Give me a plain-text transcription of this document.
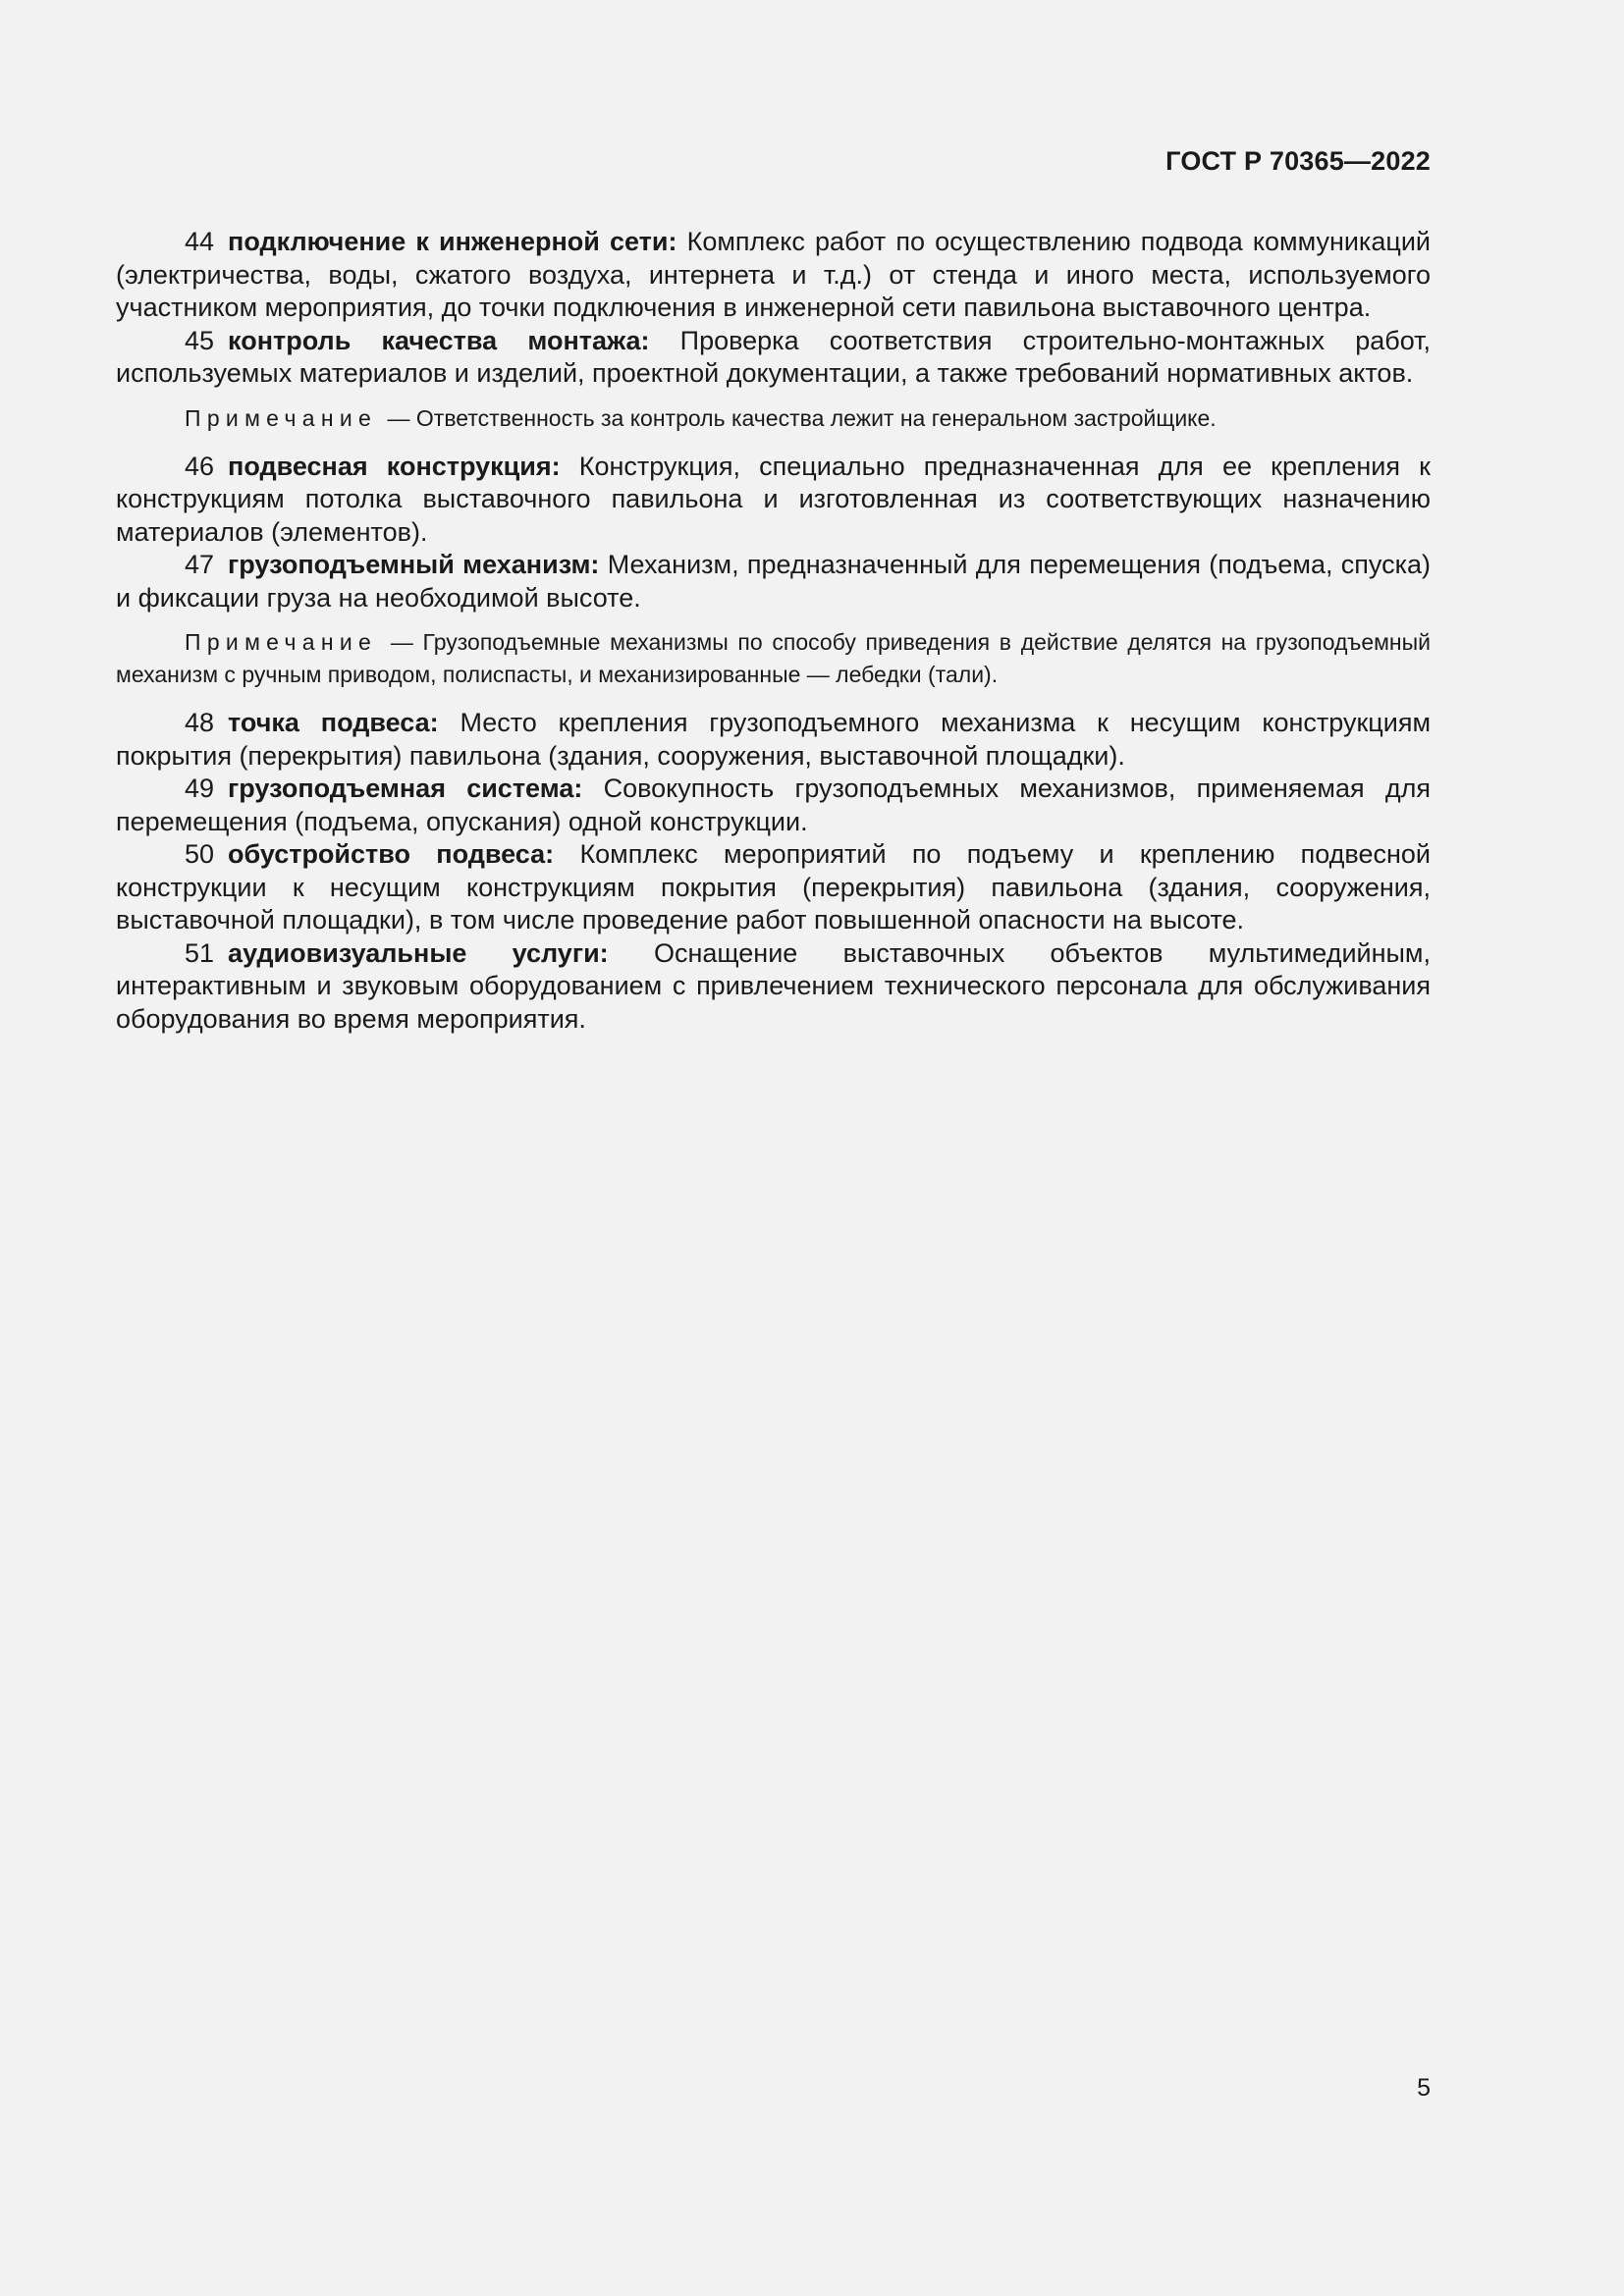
ГОСТ Р 70365—2022

44 подключение к инженерной сети: Комплекс работ по осуществлению подвода коммуникаций (электричества, воды, сжатого воздуха, интернета и т.д.) от стенда и иного места, используемого участником мероприятия, до точки подключения в инженерной сети павильона выставочного центра.

45 контроль качества монтажа: Проверка соответствия строительно-монтажных работ, используемых материалов и изделий, проектной документации, а также требований нормативных актов.

Примечание — Ответственность за контроль качества лежит на генеральном застройщике.

46 подвесная конструкция: Конструкция, специально предназначенная для ее крепления к конструкциям потолка выставочного павильона и изготовленная из соответствующих назначению материалов (элементов).

47 грузоподъемный механизм: Механизм, предназначенный для перемещения (подъема, спуска) и фиксации груза на необходимой высоте.

Примечание — Грузоподъемные механизмы по способу приведения в действие делятся на грузоподъемный механизм с ручным приводом, полиспасты, и механизированные — лебедки (тали).

48 точка подвеса: Место крепления грузоподъемного механизма к несущим конструкциям покрытия (перекрытия) павильона (здания, сооружения, выставочной площадки).

49 грузоподъемная система: Совокупность грузоподъемных механизмов, применяемая для перемещения (подъема, опускания) одной конструкции.

50 обустройство подвеса: Комплекс мероприятий по подъему и креплению подвесной конструкции к несущим конструкциям покрытия (перекрытия) павильона (здания, сооружения, выставочной площадки), в том числе проведение работ повышенной опасности на высоте.

51 аудиовизуальные услуги: Оснащение выставочных объектов мультимедийным, интерактивным и звуковым оборудованием с привлечением технического персонала для обслуживания оборудования во время мероприятия.

5
